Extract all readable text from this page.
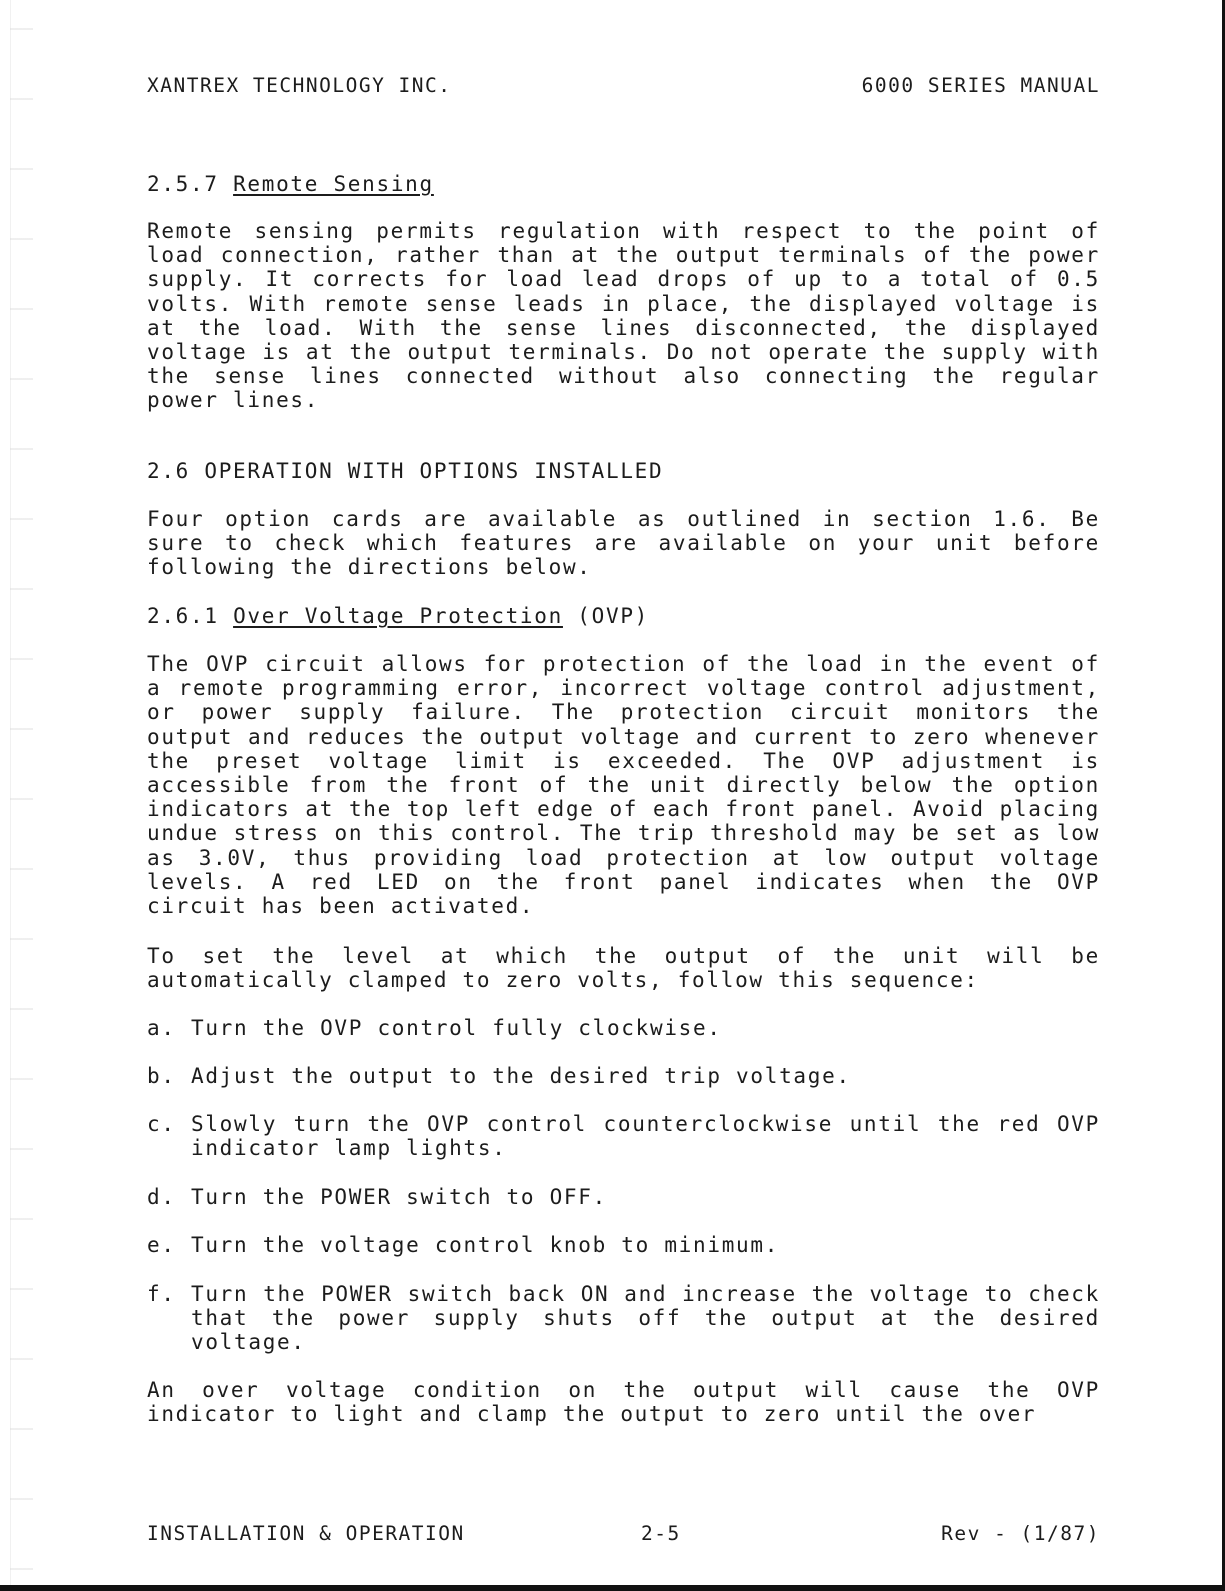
XANTREX TECHNOLOGY INC.	6000 SERIES MANUAL

2.5.7 Remote Sensing

Remote sensing permits regulation with respect to the point of load connection, rather than at the output terminals of the power supply. It corrects for load lead drops of up to a total of 0.5 volts. With remote sense leads in place, the displayed voltage is at the load. With the sense lines disconnected, the displayed voltage is at the output terminals. Do not operate the supply with the sense lines connected without also connecting the regular power lines.

2.6 OPERATION WITH OPTIONS INSTALLED

Four option cards are available as outlined in section 1.6. Be sure to check which features are available on your unit before following the directions below.

2.6.1 Over Voltage Protection (OVP)

The OVP circuit allows for protection of the load in the event of a remote programming error, incorrect voltage control adjustment, or power supply failure. The protection circuit monitors the output and reduces the output voltage and current to zero whenever the preset voltage limit is exceeded. The OVP adjustment is accessible from the front of the unit directly below the option indicators at the top left edge of each front panel. Avoid placing undue stress on this control. The trip threshold may be set as low as 3.0V, thus providing load protection at low output voltage levels. A red LED on the front panel indicates when the OVP circuit has been activated.

To set the level at which the output of the unit will be automatically clamped to zero volts, follow this sequence:

a. Turn the OVP control fully clockwise.
b. Adjust the output to the desired trip voltage.
c. Slowly turn the OVP control counterclockwise until the red OVP indicator lamp lights.
d. Turn the POWER switch to OFF.
e. Turn the voltage control knob to minimum.
f. Turn the POWER switch back ON and increase the voltage to check that the power supply shuts off the output at the desired voltage.

An over voltage condition on the output will cause the OVP indicator to light and clamp the output to zero until the over

INSTALLATION & OPERATION	2-5	Rev - (1/87)
